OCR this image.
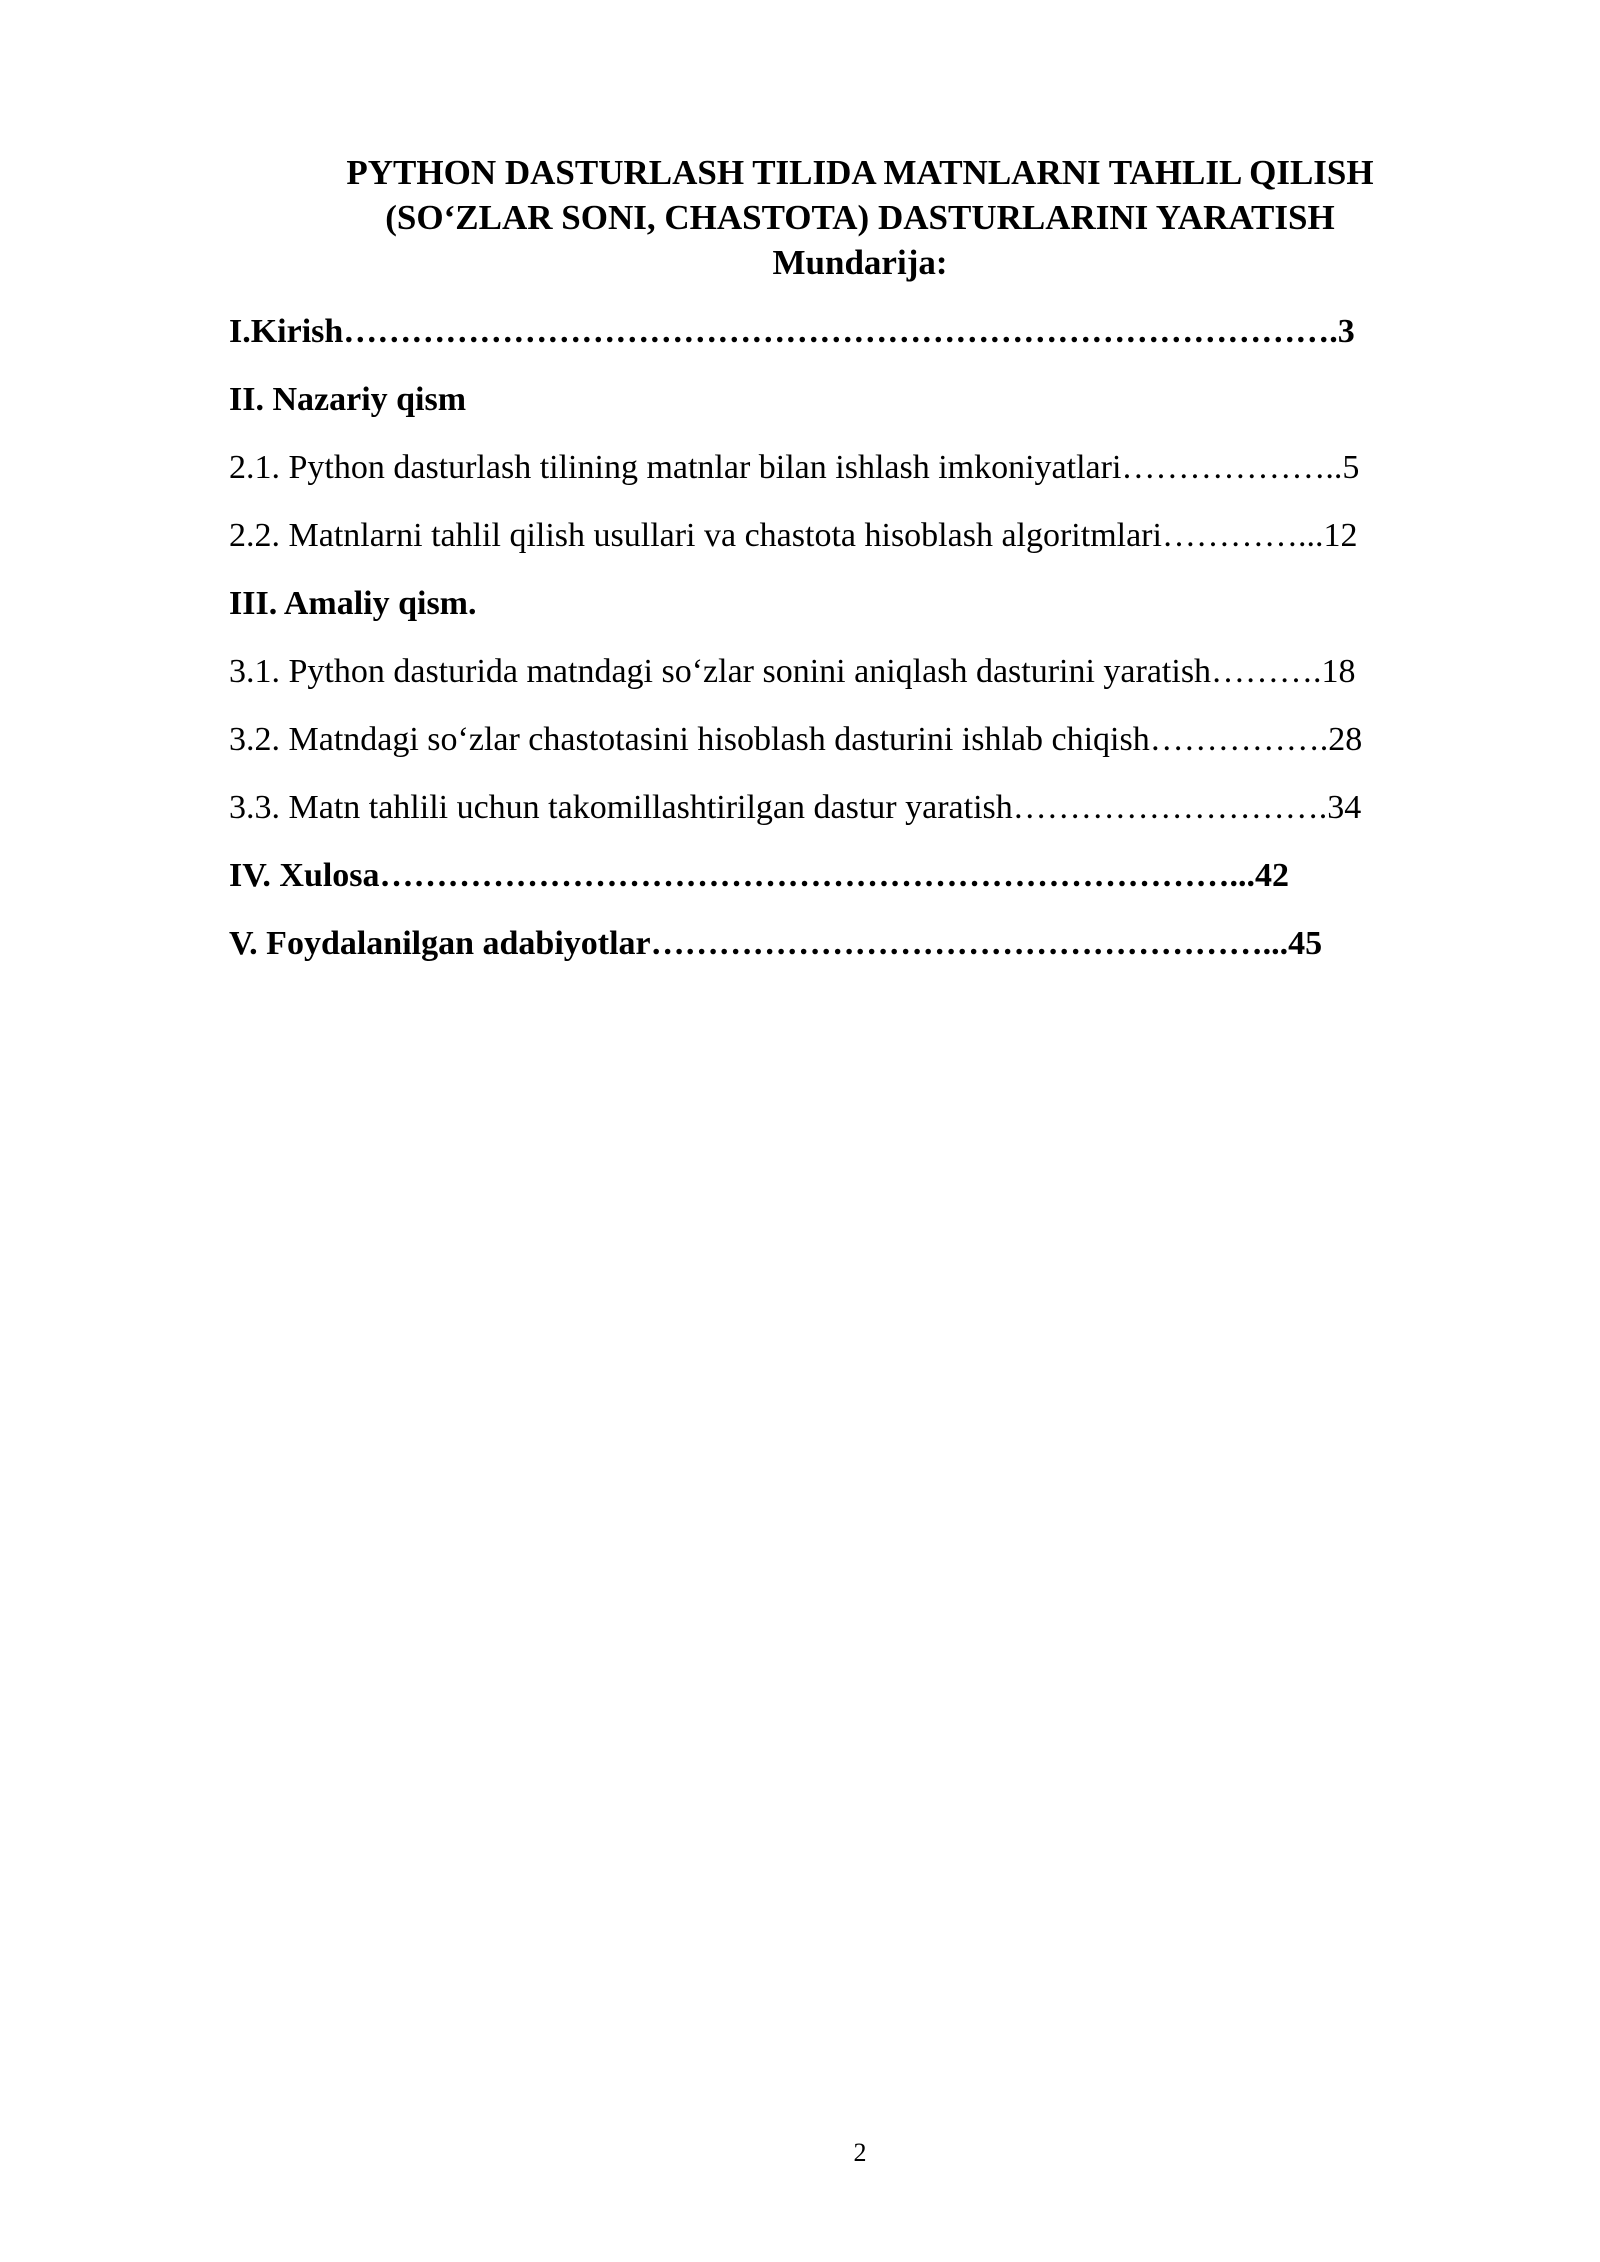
PYTHON DASTURLASH TILIDA MATNLARNI TAHLIL QILISH

(SO‘ZLAR SONI, CHASTOTA) DASTURLARINI YARATISH

Mundarija:

I.Kirish…………………………………………………………………………….3
II. Nazariy qism
2.1. Python dasturlash tilining matnlar bilan ishlash imkoniyatlari………………..5
2.2. Matnlarni tahlil qilish usullari va chastota hisoblash algoritmlari…………...12
III. Amaliy qism.
3.1. Python dasturida matndagi so‘zlar sonini aniqlash dasturini yaratish……….18
3.2. Matndagi so‘zlar chastotasini hisoblash dasturini ishlab chiqish…………….28
3.3. Matn tahlili uchun takomillashtirilgan dastur yaratish……………………….34
IV. Xulosa…………………………………………………………………...42
V. Foydalanilgan adabiyotlar………………………………………………...45
2
